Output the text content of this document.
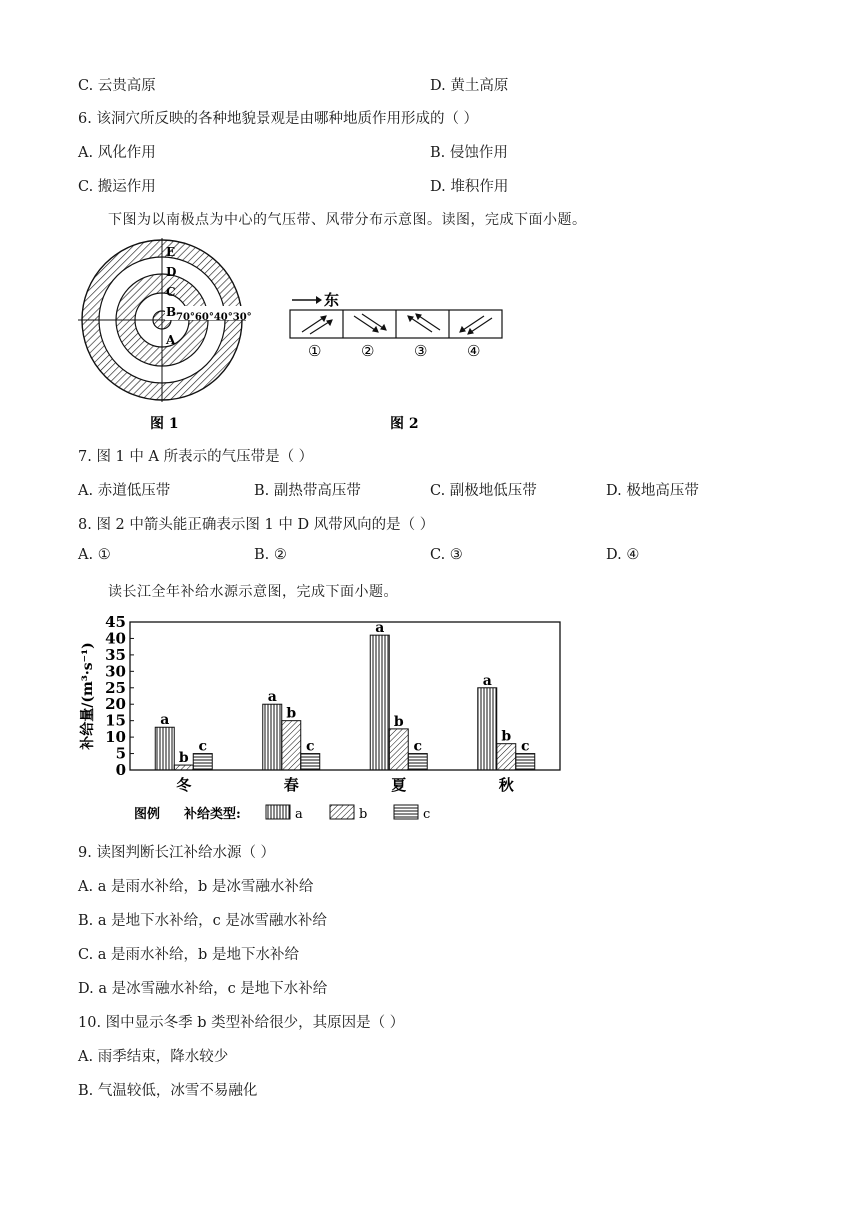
C. 云贵高原	D. 黄土高原
6. 该洞穴所反映的各种地貌景观是由哪种地质作用形成的（ ）
A. 风化作用	B. 侵蚀作用
C. 搬运作用	D. 堆积作用
下图为以南极点为中心的气压带、风带分布示意图。读图，完成下面小题。
E
D
C
B
A
70°60°40°30°
图 1
东
①	②	③	④
图 2
7. 图 1 中 A 所表示的气压带是（ ）
A. 赤道低压带	B. 副热带高压带	C. 副极地低压带	D. 极地高压带
8. 图 2 中箭头能正确表示图 1 中 D 风带风向的是（ ）
A. ①	B. ②	C. ③	D. ④
读长江全年补给水源示意图，完成下面小题。
0
5
10
15
20
25
30
35
40
45
a
b
c
冬
a
b
c
春
a
b
c
夏
a
b
c
秋
补给量/(m³·s⁻¹)
图例 补给类型:	a	b	c
9. 读图判断长江补给水源（ ）
A. a 是雨水补给，b 是冰雪融水补给
B. a 是地下水补给，c 是冰雪融水补给
C. a 是雨水补给，b 是地下水补给
D. a 是冰雪融水补给，c 是地下水补给
10. 图中显示冬季 b 类型补给很少，其原因是（ ）
A. 雨季结束，降水较少
B. 气温较低，冰雪不易融化
